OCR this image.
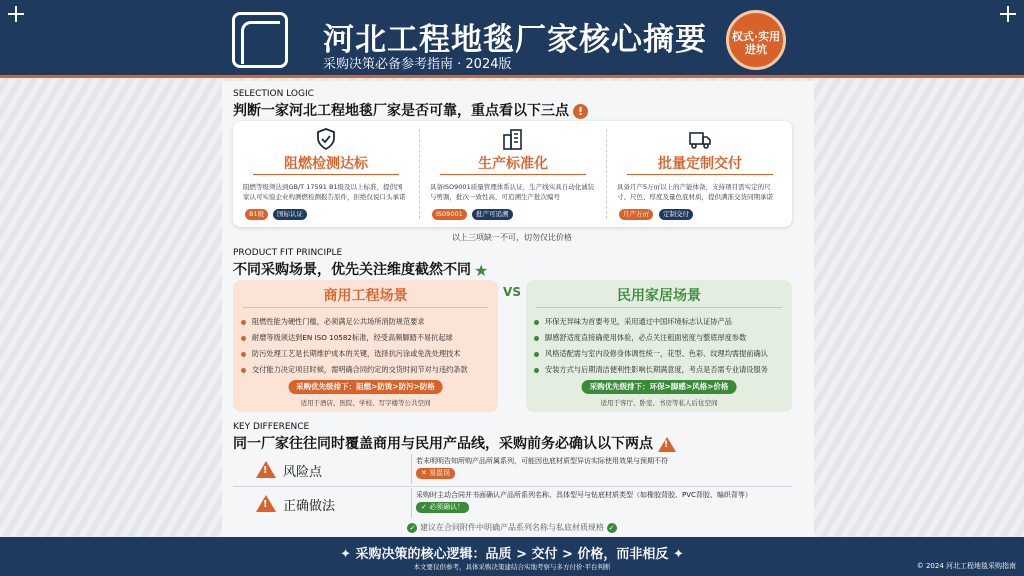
河北工程地毯厂家核心摘要
采购决策必备参考指南 · 2024版
权式·实用
进坑
SELECTION LOGIC
判断一家河北工程地毯厂家是否可靠，重点看以下三点 !
阻燃检测达标
阻燃等级须达到GB/T 17591 B1级及以上标准，提供国家认可实验企业构测燃检测报告原件，拒绝仅说口头承诺
B1级	国标认证
生产标准化
具备ISO9001质量管理体系认证，生产线实具自动化诚装与剪割，批次一致性高，可追溯生产批次编号
IS09001	批产可追溯
批量定制交付
具备月产5万㎡以上的产能体备，支持项目需实定的尺寸、尺色、厚度及量色底材质，提供满准交货同期承诺
月产万㎡	定制交付
以上三项缺一不可，切勿仅比价格
PRODUCT FIT PRINCIPLE
不同采购场景，优先关注维度截然不同 ★
商用工程场景
阻燃性能为硬性门槛，必须满足公共场所消防规范要求
耐磨等级须达到EN ISO 10582标准，经受高频脚踏不易抗起球
防污处理工艺是长期维护成本的关键，选择抗污涂或免洗处理技术
交付能力决定项目时候，需明确合同约定的交货时间节对与违约条款
采购优先级排下：阻燃>防烫>防污>防格
适用于酒店、医院、学校、写字楼等公共空间
VS	民用家居场景
环保无异味为首要考见，采用通过中国环境标志认证协产品
脚感舒适度直接确使用体验，必点关注租面密度与整底厚度参数
风格适配需与室内设修身体调性统一，花型、色彩、纹理均需提前确认
安装方式与后期清洁便利性影响长期满意度，考点是否需专业请设服务
采购优先级排下：环保>脚感>风格>价格
适用于客厅、卧室、书房等私人后住空间
KEY DIFFERENCE
同一厂家往往同时覆盖商用与民用产品线，采购前务必确认以下两点 !
! 风险点
若未明明告知所购产品所属系列，可能因也底材质型异访实际使用效果与预期不符
✕ 易混误
! 正确做法
采购时主动合同并书面确认产品所系列名称、具体型号与钻底材质类型（如橡胶背胶、PVC背胶、编织背等）
✓ 必须确认！
✓ 建议在合同附件中明确产品系列名称与私底材质规格 ✓
✦ 采购决策的核心逻辑：品质 > 交付 > 价格，而非相反 ✦
本文要仅供参考，具体采购决策建结合实地考察与多方付价·平台判断	© 2024 河北工程地毯采购指南
